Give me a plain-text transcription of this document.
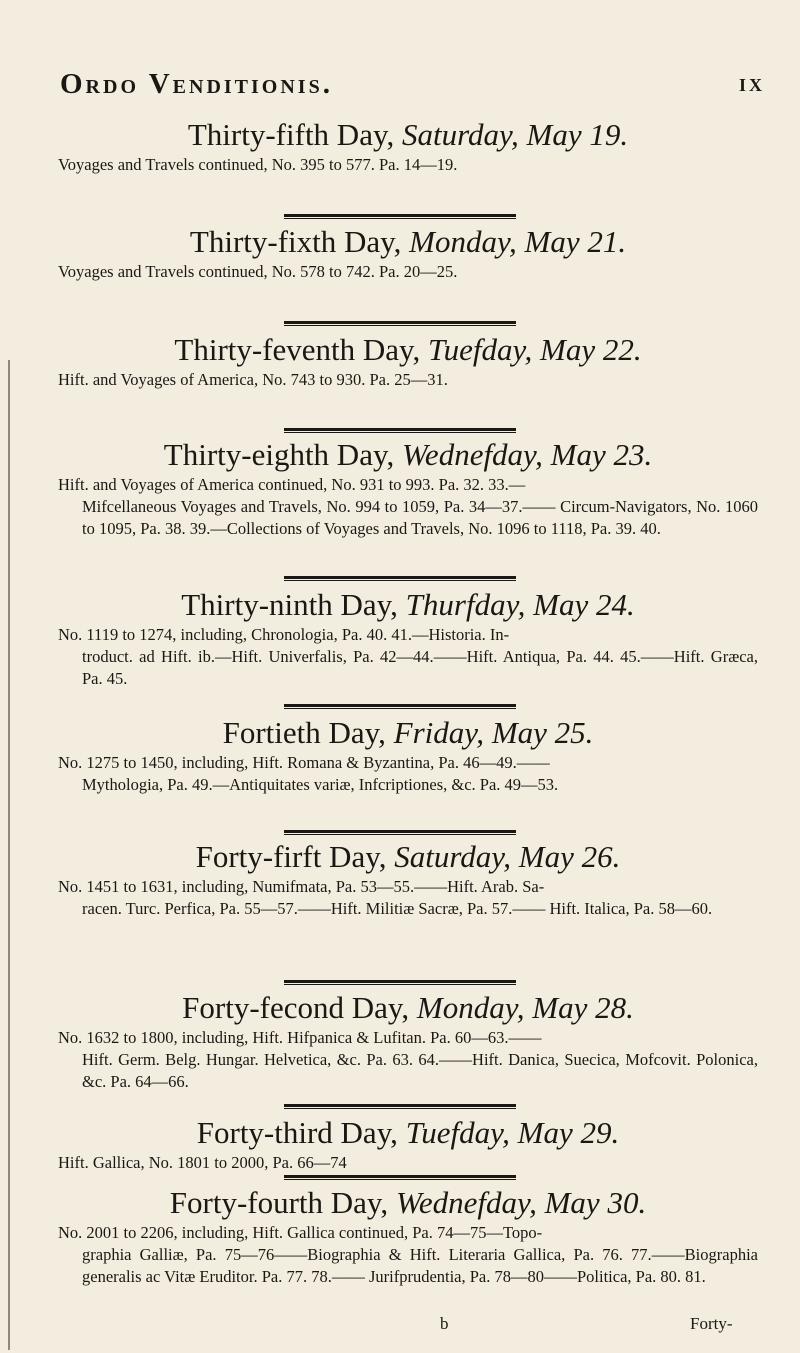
Ordo Venditionis.	ix
Thirty-fifth Day, Saturday, May 19.
Voyages and Travels continued, No. 395 to 577. Pa. 14—19.
Thirty-fixth Day, Monday, May 21.
Voyages and Travels continued, No. 578 to 742. Pa. 20—25.
Thirty-feventh Day, Tuefday, May 22.
Hift. and Voyages of America, No. 743 to 930. Pa. 25—31.
Thirty-eighth Day, Wednefday, May 23.
Hift. and Voyages of America continued, No. 931 to 993. Pa. 32. 33.—
Mifcellaneous Voyages and Travels, No. 994 to 1059, Pa. 34—37.—— Circum-Navigators, No. 1060 to 1095, Pa. 38. 39.—Collections of Voyages and Travels, No. 1096 to 1118, Pa. 39. 40.
Thirty-ninth Day, Thurfday, May 24.
No. 1119 to 1274, including, Chronologia, Pa. 40. 41.—Historia. In-
troduct. ad Hift. ib.—Hift. Univerfalis, Pa. 42—44.——Hift. Antiqua, Pa. 44. 45.——Hift. Græca, Pa. 45.
Fortieth Day, Friday, May 25.
No. 1275 to 1450, including, Hift. Romana & Byzantina, Pa. 46—49.——
Mythologia, Pa. 49.—Antiquitates variæ, Infcriptiones, &c. Pa. 49—53.
Forty-firft Day, Saturday, May 26.
No. 1451 to 1631, including, Numifmata, Pa. 53—55.——Hift. Arab. Sa-
racen. Turc. Perfica, Pa. 55—57.——Hift. Militiæ Sacræ, Pa. 57.—— Hift. Italica, Pa. 58—60.
Forty-fecond Day, Monday, May 28.
No. 1632 to 1800, including, Hift. Hifpanica & Lufitan. Pa. 60—63.——
Hift. Germ. Belg. Hungar. Helvetica, &c. Pa. 63. 64.——Hift. Danica, Suecica, Mofcovit. Polonica, &c. Pa. 64—66.
Forty-third Day, Tuefday, May 29.
Hift. Gallica, No. 1801 to 2000, Pa. 66—74
Forty-fourth Day, Wednefday, May 30.
No. 2001 to 2206, including, Hift. Gallica continued, Pa. 74—75—Topo-
graphia Galliæ, Pa. 75—76——Biographia & Hift. Literaria Gallica, Pa. 76. 77.——Biographia generalis ac Vitæ Eruditor. Pa. 77. 78.—— Jurifprudentia, Pa. 78—80——Politica, Pa. 80. 81.
b	Forty-
